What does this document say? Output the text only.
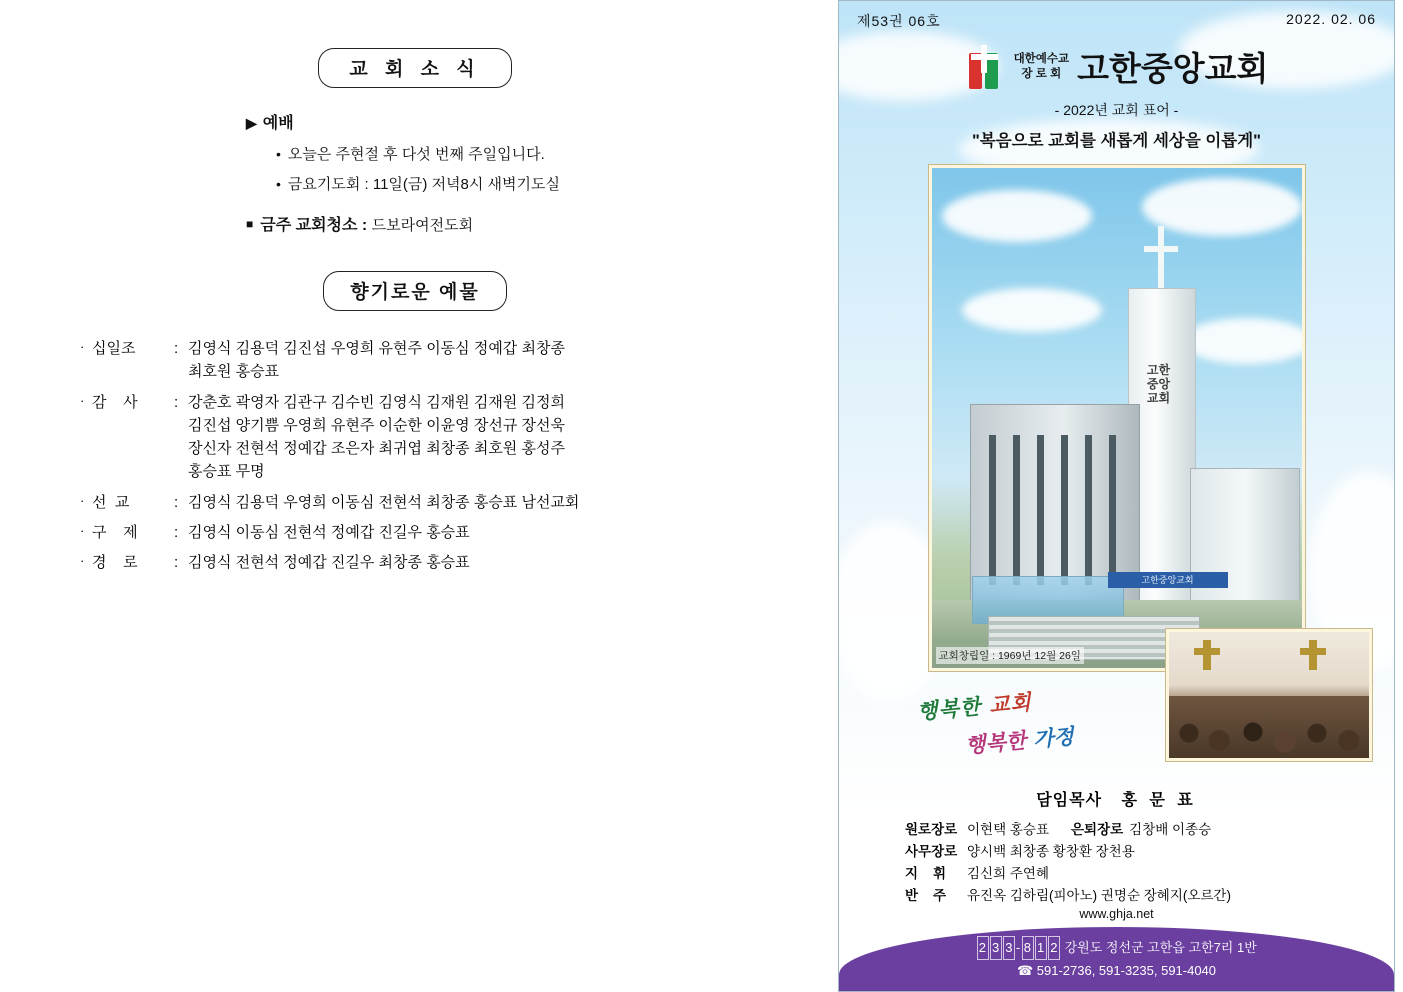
교 회 소 식
▶ 예배
• 오늘은 주현절 후 다섯 번째 주일입니다.
• 금요기도회 : 11일(금) 저녁8시 새벽기도실
■ 금주 교회청소 : 드보라여전도회
향기로운 예물
· 십일조	: 김영식 김용덕 김진섭 우영희 유현주 이동심 정예갑 최창종
최호원 홍승표
· 감    사	: 강춘호 곽영자 김관구 김수빈 김영식 김재원 김재원 김정희
김진섭 양기쁨 우영희 유현주 이순한 이윤영 장선규 장선욱
장신자 전현석 정예갑 조은자 최귀엽 최창종 최호원 홍성주
홍승표 무명
· 선  교	: 김영식 김용덕 우영희 이동심 전현석 최창종 홍승표 남선교회
· 구    제	: 김영식 이동심 전현석 정예갑 진길우 홍승표
· 경    로	: 김영식 전현석 정예갑 진길우 최창종 홍승표
제53권 06호	2022. 02. 06
대한예수교
장 로 회 고한중앙교회
- 2022년 교회 표어 -
"복음으로 교회를 새롭게 세상을 이롭게"
고한중앙교회
고한중앙교회
교회창립일 : 1969년 12월 26일
행복한 교회
행복한 가정
담임목사 홍 문 표
원로장로 이현택 홍승표 은퇴장로 김창배 이종승
사무장로 양시백 최창종 황창환 장천용
지    휘	김신희 주연혜
반    주	유진옥 김하림(피아노) 권명순 장혜지(오르간)
www.ghja.net
2 3 3 - 8 1 2 강원도 정선군 고한읍 고한7리 1반
☎ 591-2736, 591-3235, 591-4040
